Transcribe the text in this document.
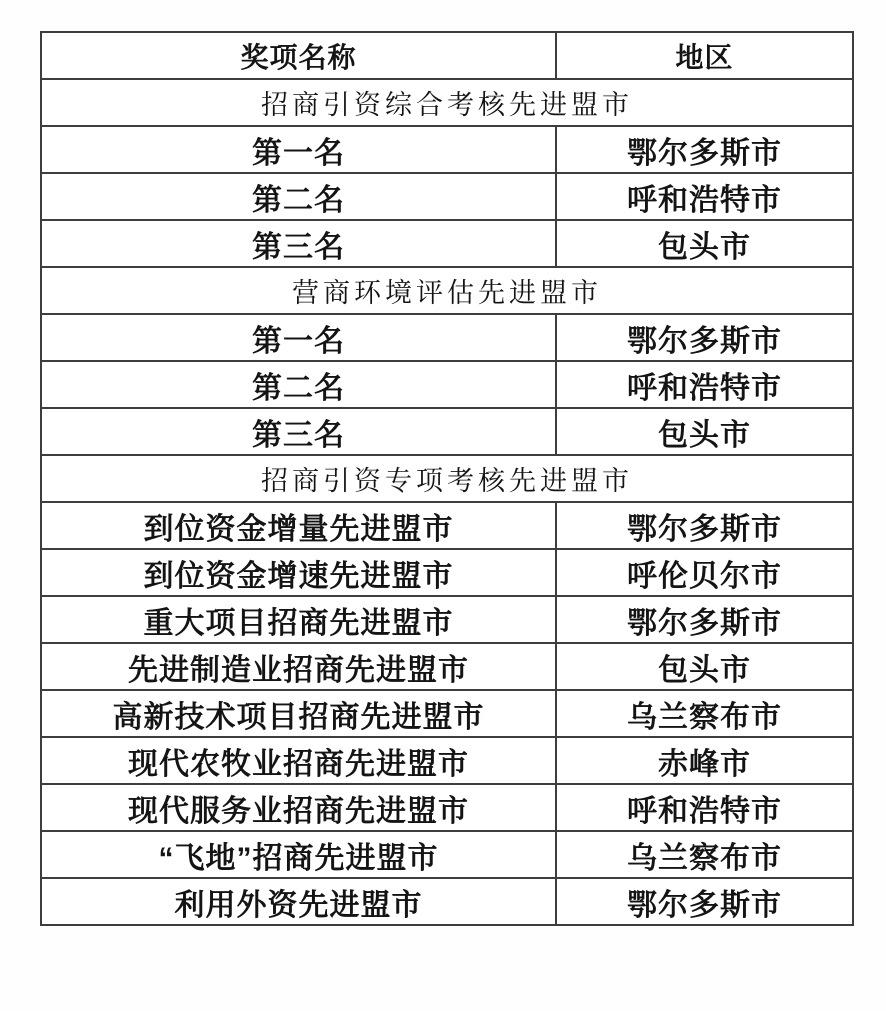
奖项名称	地区
招商引资综合考核先进盟市	
第一名	鄂尔多斯市
第二名	呼和浩特市
第三名	包头市
营商环境评估先进盟市	
第一名	鄂尔多斯市
第二名	呼和浩特市
第三名	包头市
招商引资专项考核先进盟市	
到位资金增量先进盟市	鄂尔多斯市
到位资金增速先进盟市	呼伦贝尔市
重大项目招商先进盟市	鄂尔多斯市
先进制造业招商先进盟市	包头市
高新技术项目招商先进盟市	乌兰察布市
现代农牧业招商先进盟市	赤峰市
现代服务业招商先进盟市	呼和浩特市
“飞地”招商先进盟市	乌兰察布市
利用外资先进盟市	鄂尔多斯市
